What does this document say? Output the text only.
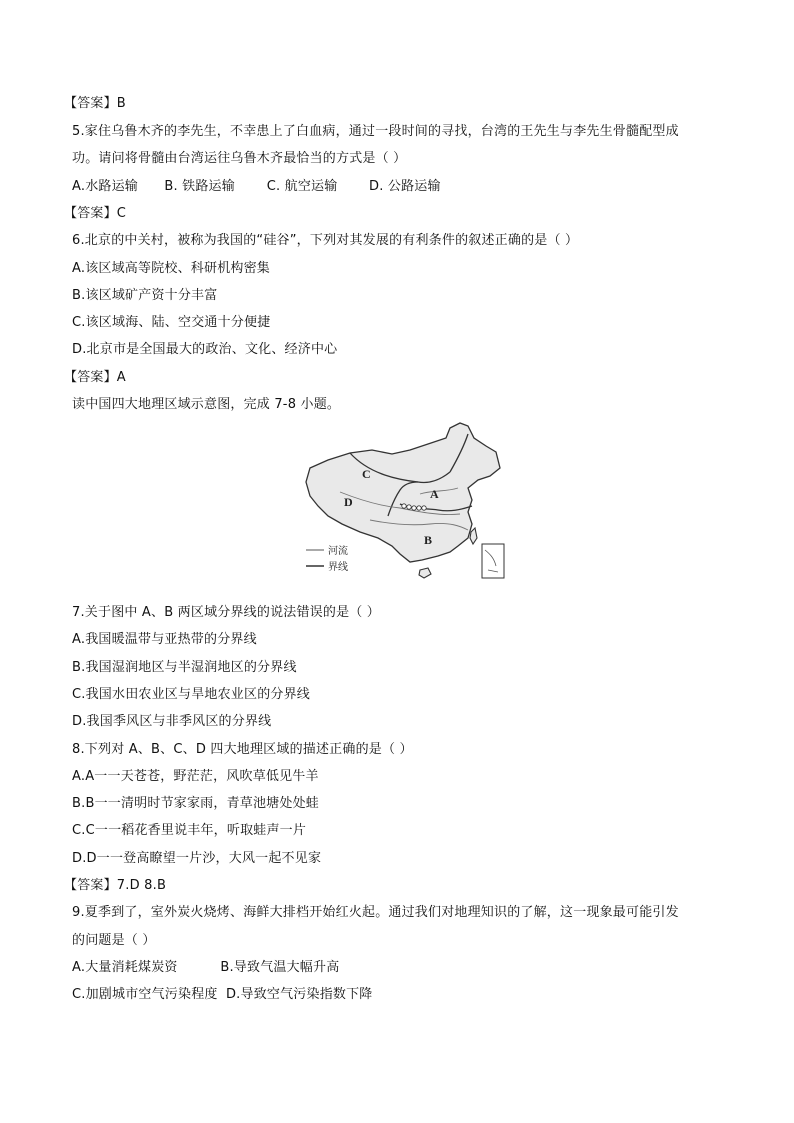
【答案】B
5.家住乌鲁木齐的李先生，不幸患上了白血病，通过一段时间的寻找，台湾的王先生与李先生骨髓配型成
功。请问将骨髓由台湾运往乌鲁木齐最恰当的方式是（ ）
A.水路运输 B. 铁路运输 C. 航空运输 D. 公路运输
【答案】C
6.北京的中关村，被称为我国的“硅谷”，下列对其发展的有利条件的叙述正确的是（ ）
A.该区域高等院校、科研机构密集
B.该区域矿产资十分丰富
C.该区域海、陆、空交通十分便捷
D.北京市是全国最大的政治、文化、经济中心
【答案】A
读中国四大地理区域示意图，完成 7-8 小题。
C
D
A
B
河流
界线
7.关于图中 A、B 两区域分界线的说法错误的是（ ）
A.我国暖温带与亚热带的分界线
B.我国湿润地区与半湿润地区的分界线
C.我国水田农业区与旱地农业区的分界线
D.我国季风区与非季风区的分界线
8.下列对 A、B、C、D 四大地理区域的描述正确的是（ ）
A.A一一天苍苍，野茫茫，风吹草低见牛羊
B.B一一清明时节家家雨，青草池塘处处蛙
C.C一一稻花香里说丰年，听取蛙声一片
D.D一一登高瞭望一片沙，大风一起不见家
【答案】7.D 8.B
9.夏季到了，室外炭火烧烤、海鲜大排档开始红火起。通过我们对地理知识的了解，这一现象最可能引发
的问题是（ ）
A.大量消耗煤炭资	B.导致气温大幅升高
C.加剧城市空气污染程度 D.导致空气污染指数下降
